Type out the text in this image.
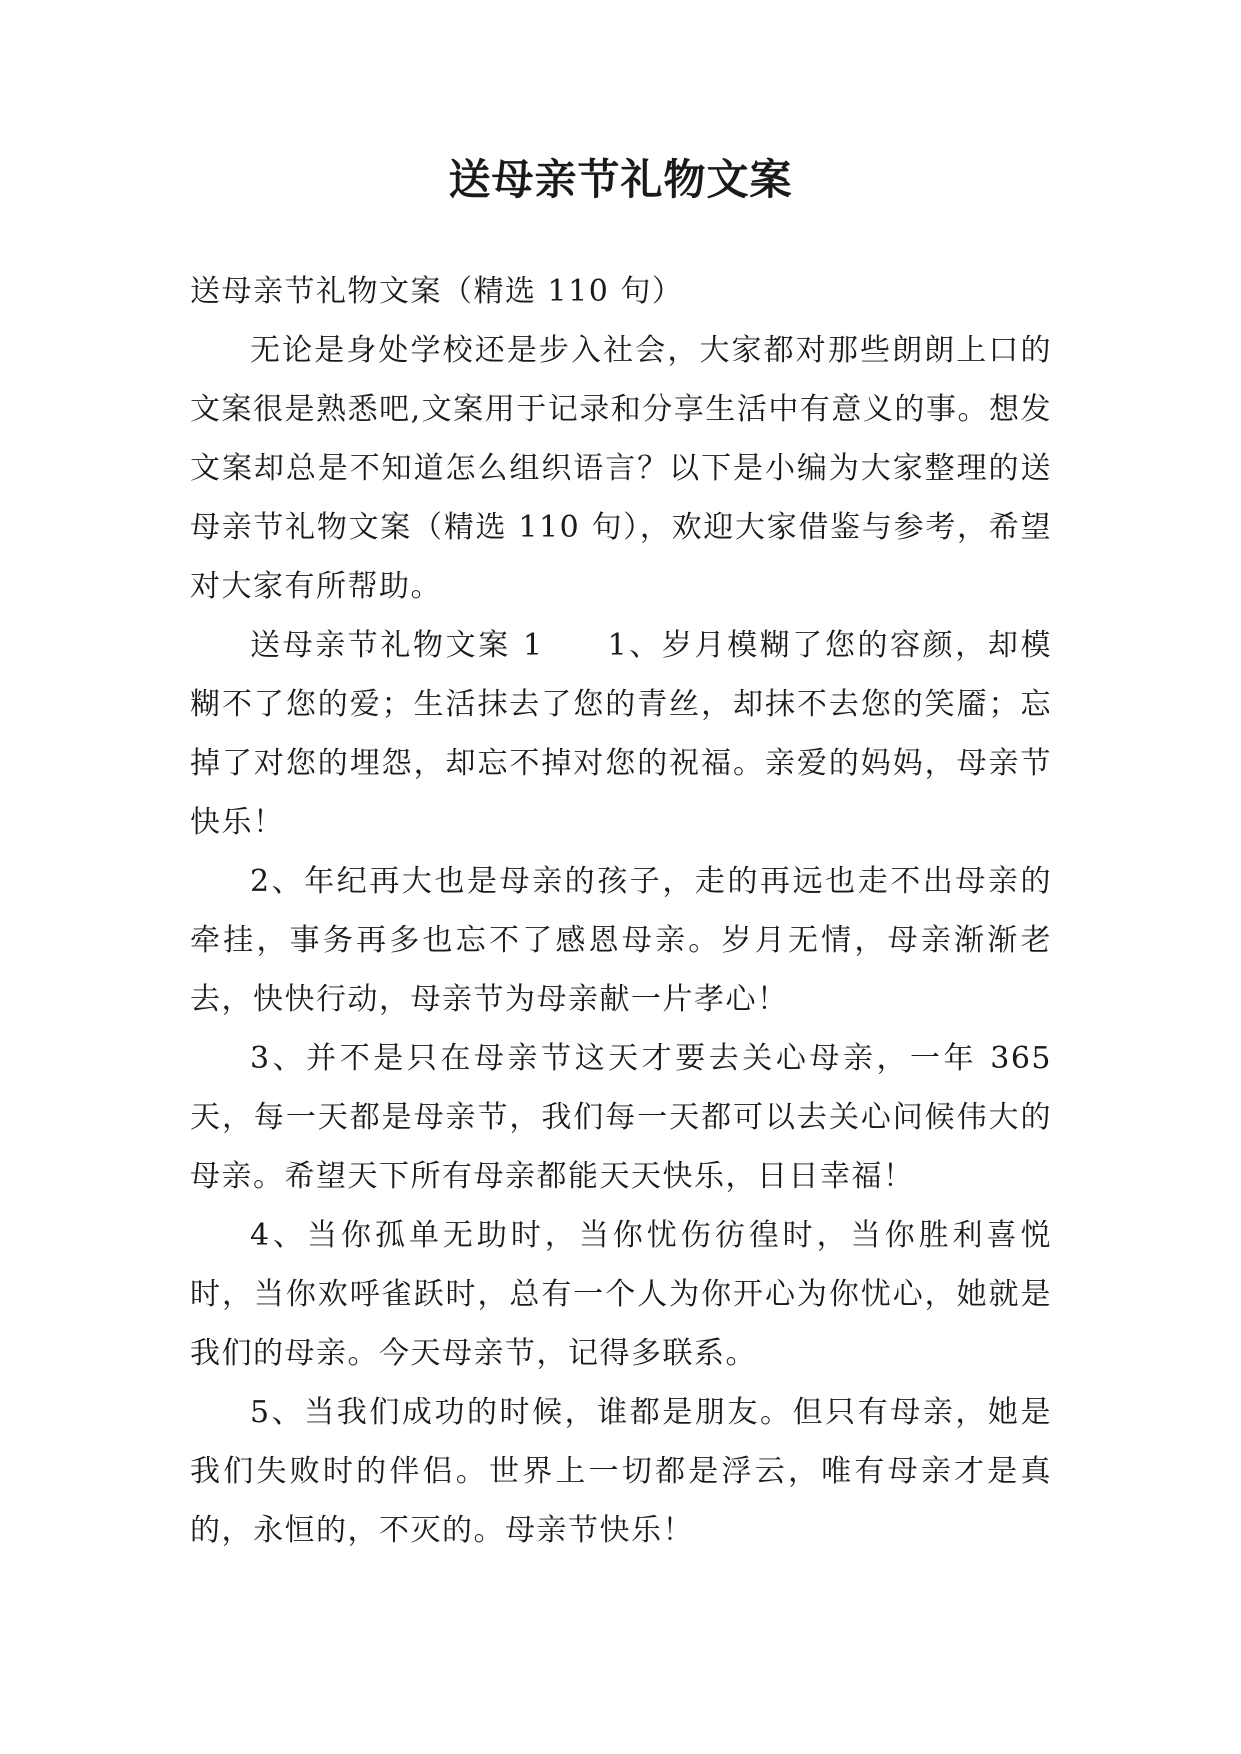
送母亲节礼物文案

送母亲节礼物文案（精选 110 句）

无论是身处学校还是步入社会，大家都对那些朗朗上口的文案很是熟悉吧,文案用于记录和分享生活中有意义的事。想发文案却总是不知道怎么组织语言？以下是小编为大家整理的送母亲节礼物文案（精选 110 句），欢迎大家借鉴与参考，希望对大家有所帮助。

送母亲节礼物文案 1 1、岁月模糊了您的容颜，却模糊不了您的爱；生活抹去了您的青丝，却抹不去您的笑靥；忘掉了对您的埋怨，却忘不掉对您的祝福。亲爱的妈妈，母亲节快乐！

2、年纪再大也是母亲的孩子，走的再远也走不出母亲的牵挂，事务再多也忘不了感恩母亲。岁月无情，母亲渐渐老去，快快行动，母亲节为母亲献一片孝心！

3、并不是只在母亲节这天才要去关心母亲，一年 365 天，每一天都是母亲节，我们每一天都可以去关心问候伟大的母亲。希望天下所有母亲都能天天快乐，日日幸福！

4、当你孤单无助时，当你忧伤彷徨时，当你胜利喜悦时，当你欢呼雀跃时，总有一个人为你开心为你忧心，她就是我们的母亲。今天母亲节，记得多联系。

5、当我们成功的时候，谁都是朋友。但只有母亲，她是我们失败时的伴侣。世界上一切都是浮云，唯有母亲才是真的，永恒的，不灭的。母亲节快乐！
